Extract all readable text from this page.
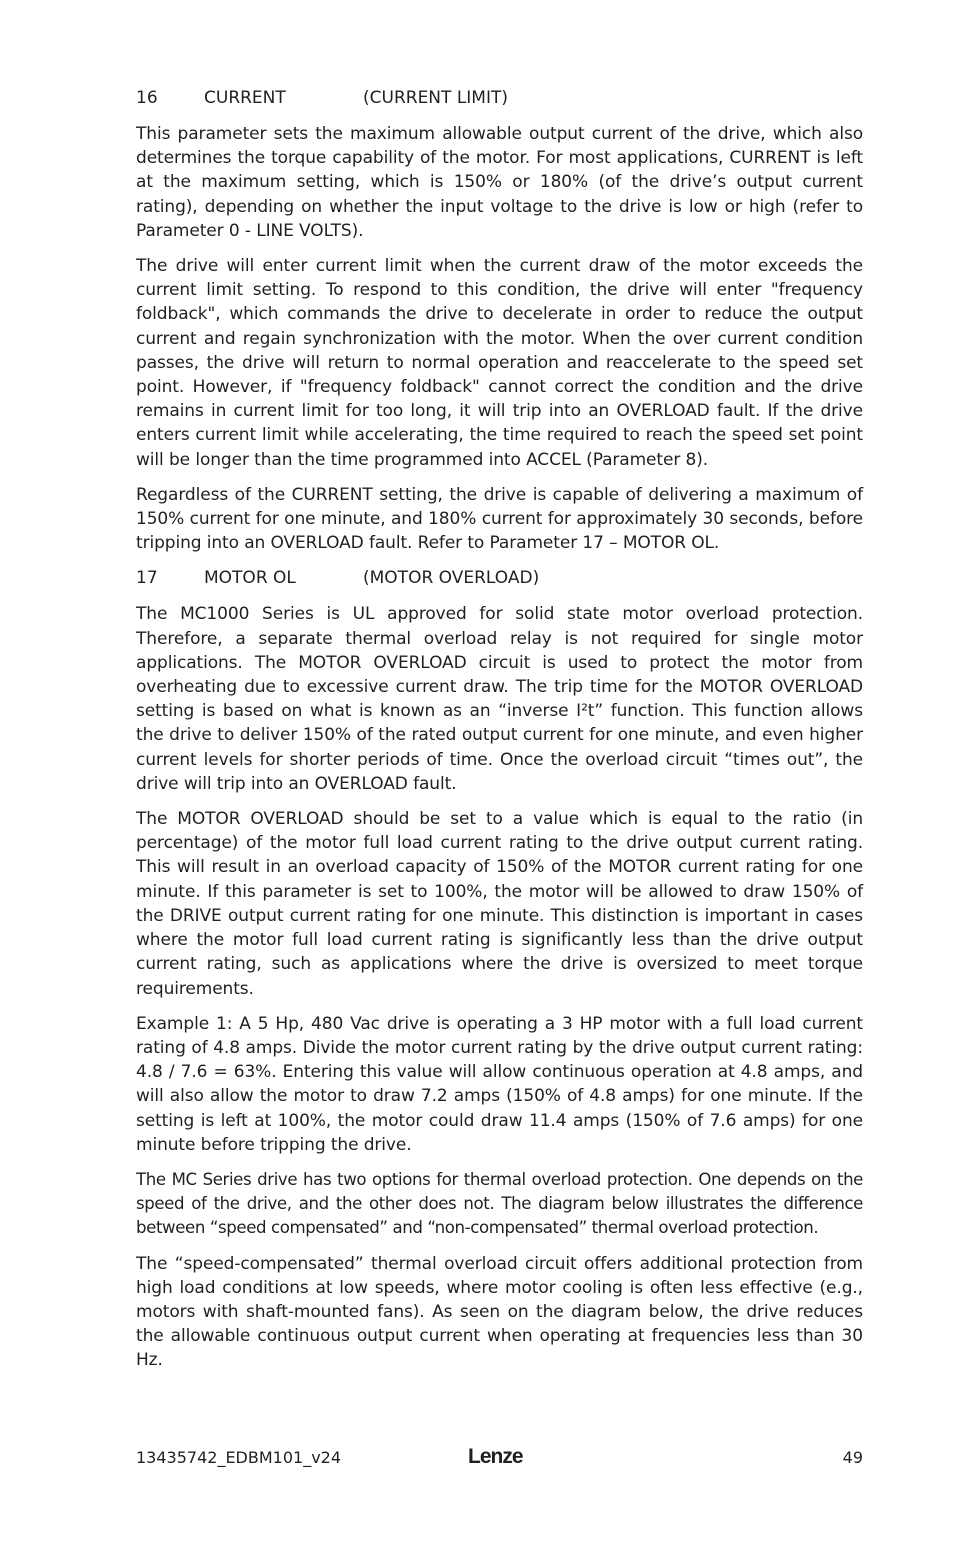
16	CURRENT	(CURRENT LIMIT)

This parameter sets the maximum allowable output current of the drive, which also determines the torque capability of the motor. For most applications, CURRENT is left at the maximum setting, which is 150% or 180% (of the drive’s output current rating), depending on whether the input voltage to the drive is low or high (refer to Parameter 0 - LINE VOLTS).

The drive will enter current limit when the current draw of the motor exceeds the current limit setting. To respond to this condition, the drive will enter "frequency foldback", which commands the drive to decelerate in order to reduce the output current and regain synchronization with the motor. When the over current condition passes, the drive will return to normal operation and reaccelerate to the speed set point. However, if "frequency foldback" cannot correct the condition and the drive remains in current limit for too long, it will trip into an OVERLOAD fault. If the drive enters current limit while accelerating, the time required to reach the speed set point will be longer than the time programmed into ACCEL (Parameter 8).

Regardless of the CURRENT setting, the drive is capable of delivering a maximum of 150% current for one minute, and 180% current for approximately 30 seconds, before tripping into an OVERLOAD fault. Refer to Parameter 17 – MOTOR OL.

17	MOTOR OL	(MOTOR OVERLOAD)

The MC1000 Series is UL approved for solid state motor overload protection. Therefore, a separate thermal overload relay is not required for single motor applications. The MOTOR OVERLOAD circuit is used to protect the motor from overheating due to excessive current draw. The trip time for the MOTOR OVERLOAD setting is based on what is known as an “inverse I²t” function. This function allows the drive to deliver 150% of the rated output current for one minute, and even higher current levels for shorter periods of time. Once the overload circuit “times out”, the drive will trip into an OVERLOAD fault.

The MOTOR OVERLOAD should be set to a value which is equal to the ratio (in percentage) of the motor full load current rating to the drive output current rating. This will result in an overload capacity of 150% of the MOTOR current rating for one minute. If this parameter is set to 100%, the motor will be allowed to draw 150% of the DRIVE output current rating for one minute. This distinction is important in cases where the motor full load current rating is significantly less than the drive output current rating, such as applications where the drive is oversized to meet torque requirements.

Example 1: A 5 Hp, 480 Vac drive is operating a 3 HP motor with a full load current rating of 4.8 amps. Divide the motor current rating by the drive output current rating: 4.8 / 7.6 = 63%. Entering this value will allow continuous operation at 4.8 amps, and will also allow the motor to draw 7.2 amps (150% of 4.8 amps) for one minute. If the setting is left at 100%, the motor could draw 11.4 amps (150% of 7.6 amps) for one minute before tripping the drive.

The MC Series drive has two options for thermal overload protection. One depends on the speed of the drive, and the other does not. The diagram below illustrates the difference between “speed compensated” and “non-compensated” thermal overload protection.

The “speed-compensated” thermal overload circuit offers additional protection from high load conditions at low speeds, where motor cooling is often less effective (e.g., motors with shaft-mounted fans). As seen on the diagram below, the drive reduces the allowable continuous output current when operating at frequencies less than 30 Hz.

13435742_EDBM101_v24	Lenze	49
